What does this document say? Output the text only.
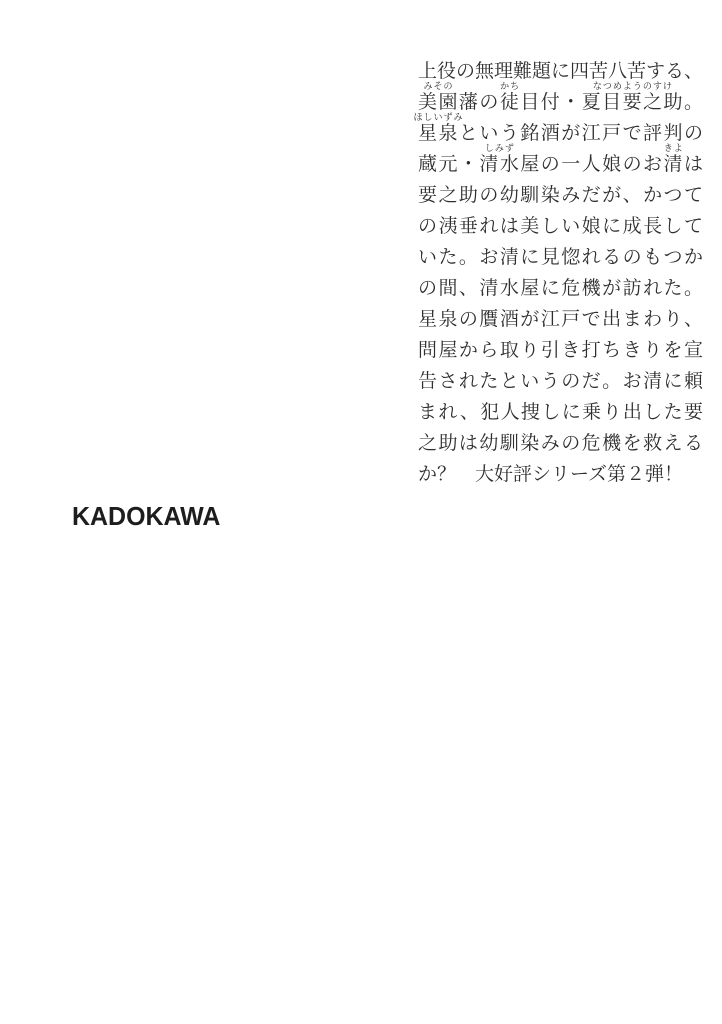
上役の無理難題に四苦八苦する、
美園
みその
藩の徒
かち
目付・夏目要之助
なつめようのすけ
。
星泉
ほしいずみ
という銘酒が江戸で評判の
蔵元・清水
しみず
屋の一人娘のお清
きよ
は
要之助の幼馴染みだが、かつて
の洟垂れは美しい娘に成長して
いた。お清に見惚れるのもつか
の間、清水屋に危機が訪れた。
星泉の贋酒が江戸で出まわり、
問屋から取り引き打ちきりを宣
告されたというのだ。お清に頼
まれ、犯人捜しに乗り出した要
之助は幼馴染みの危機を救える
か？　大好評シリーズ第２弾！
KADOKAWA
